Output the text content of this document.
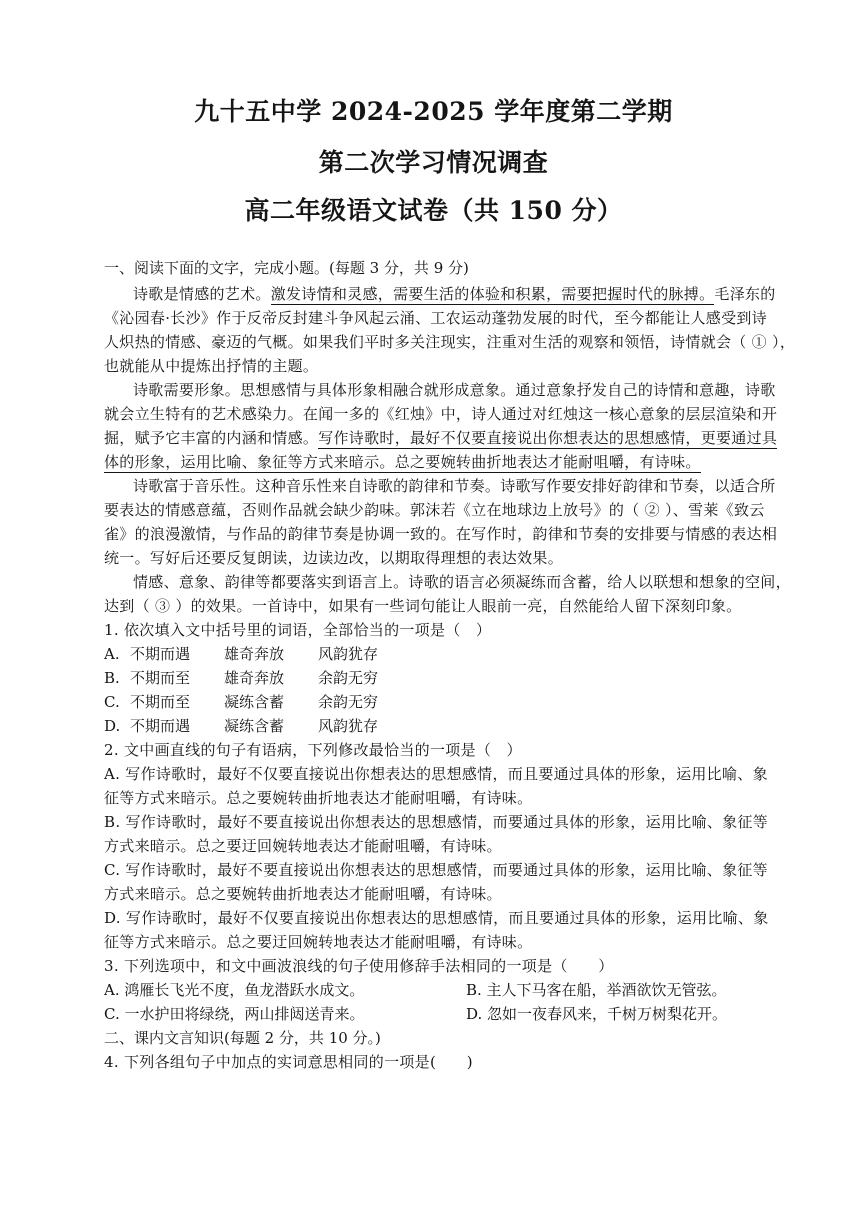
九十五中学 2024-2025 学年度第二学期
第二次学习情况调查
高二年级语文试卷（共 150 分）
一、阅读下面的文字，完成小题。(每题 3 分，共 9 分)
诗歌是情感的艺术。激发诗情和灵感，需要生活的体验和积累，需要把握时代的脉搏。毛泽东的
《沁园春·长沙》作于反帝反封建斗争风起云涌、工农运动蓬勃发展的时代，至今都能让人感受到诗
人炽热的情感、豪迈的气概。如果我们平时多关注现实，注重对生活的观察和领悟，诗情就会（ ① ），
也就能从中提炼出抒情的主题。
诗歌需要形象。思想感情与具体形象相融合就形成意象。通过意象抒发自己的诗情和意趣，诗歌
就会立生特有的艺术感染力。在闻一多的《红烛》中，诗人通过对红烛这一核心意象的层层渲染和开
掘，赋予它丰富的内涵和情感。写作诗歌时，最好不仅要直接说出你想表达的思想感情，更要通过具
体的形象，运用比喻、象征等方式来暗示。总之要婉转曲折地表达才能耐咀嚼，有诗味。
诗歌富于音乐性。这种音乐性来自诗歌的韵律和节奏。诗歌写作要安排好韵律和节奏，以适合所
要表达的情感意蕴，否则作品就会缺少韵味。郭沫若《立在地球边上放号》的（ ② ）、雪莱《致云
雀》的浪漫激情，与作品的韵律节奏是协调一致的。在写作时，韵律和节奏的安排要与情感的表达相
统一。写好后还要反复朗读，边读边改，以期取得理想的表达效果。
情感、意象、韵律等都要落实到语言上。诗歌的语言必须凝练而含蓄，给人以联想和想象的空间，
达到（ ③ ）的效果。一首诗中，如果有一些词句能让人眼前一亮，自然能给人留下深刻印象。
1. 依次填入文中括号里的词语，全部恰当的一项是（　）
A. 不期而遇 雄奇奔放 风韵犹存
B. 不期而至 雄奇奔放 余韵无穷
C. 不期而至 凝练含蓄 余韵无穷
D. 不期而遇 凝练含蓄 风韵犹存
2. 文中画直线的句子有语病，下列修改最恰当的一项是（　）
A. 写作诗歌时，最好不仅要直接说出你想表达的思想感情，而且要通过具体的形象，运用比喻、象
征等方式来暗示。总之要婉转曲折地表达才能耐咀嚼，有诗味。
B. 写作诗歌时，最好不要直接说出你想表达的思想感情，而要通过具体的形象，运用比喻、象征等
方式来暗示。总之要迂回婉转地表达才能耐咀嚼，有诗味。
C. 写作诗歌时，最好不要直接说出你想表达的思想感情，而要通过具体的形象，运用比喻、象征等
方式来暗示。总之要婉转曲折地表达才能耐咀嚼，有诗味。
D. 写作诗歌时，最好不仅要直接说出你想表达的思想感情，而且要通过具体的形象，运用比喻、象
征等方式来暗示。总之要迂回婉转地表达才能耐咀嚼，有诗味。
3. 下列选项中，和文中画波浪线的句子使用修辞手法相同的一项是（　　）
A. 鸿雁长飞光不度，鱼龙潜跃水成文。	B. 主人下马客在船，举酒欲饮无管弦。
C. 一水护田将绿绕，两山排闼送青来。	D. 忽如一夜春风来，千树万树梨花开。
二、课内文言知识(每题 2 分，共 10 分。)
4. 下列各组句子中加点的实词意思相同的一项是(　　)
